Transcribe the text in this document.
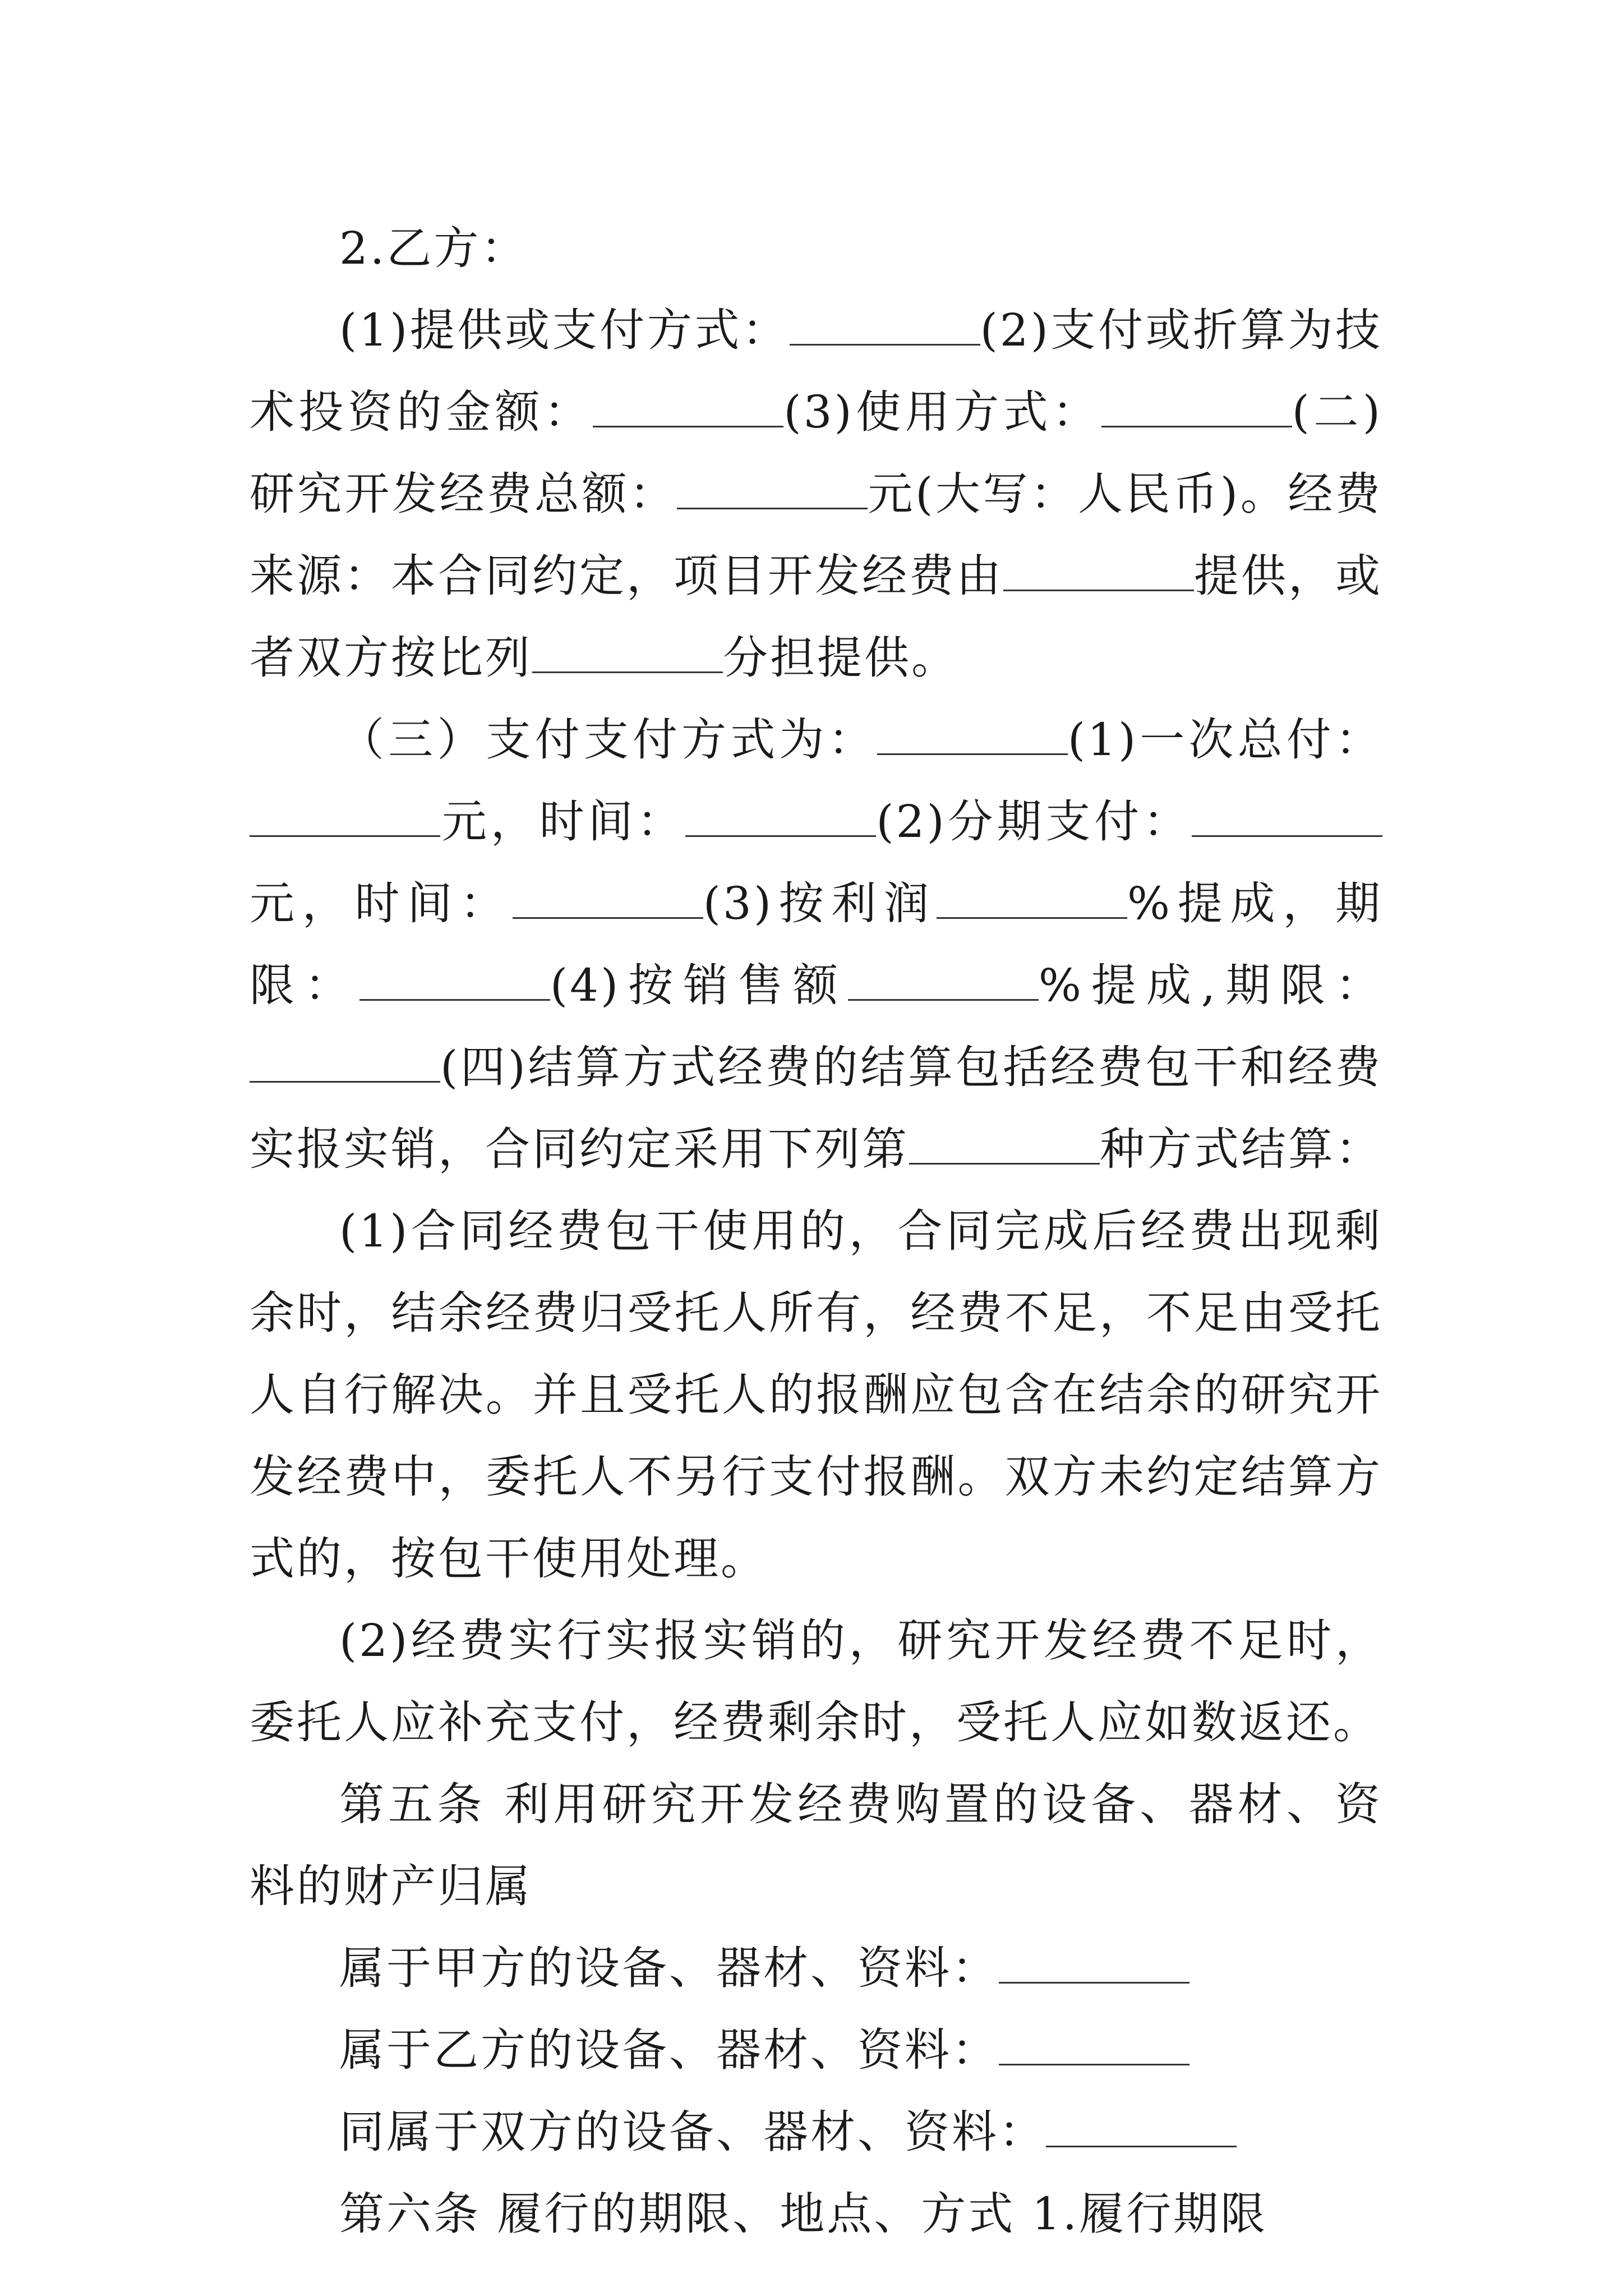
2.乙方：

(1)提供或支付方式：	(2)支付或折算为技术投资的金额：	(3)使用方式：	(二)研究开发经费总额：	元(大写：人民币)。经费来源：本合同约定，项目开发经费由	提供，或者双方按比列	分担提供。

（三）支付支付方式为：	(1)一次总付：元，时间：	(2)分期支付：元，时间：	(3)按利润	%提成，期限：	(4)按销售额	%提成,期限：(四)结算方式经费的结算包括经费包干和经费实报实销，合同约定采用下列第	种方式结算：

(1)合同经费包干使用的，合同完成后经费出现剩余时，结余经费归受托人所有，经费不足，不足由受托人自行解决。并且受托人的报酬应包含在结余的研究开发经费中，委托人不另行支付报酬。双方未约定结算方式的，按包干使用处理。

(2)经费实行实报实销的，研究开发经费不足时，委托人应补充支付，经费剩余时，受托人应如数返还。

第五条 利用研究开发经费购置的设备、器材、资料的财产归属

属于甲方的设备、器材、资料：

属于乙方的设备、器材、资料：

同属于双方的设备、器材、资料：

第六条 履行的期限、地点、方式 1.履行期限
